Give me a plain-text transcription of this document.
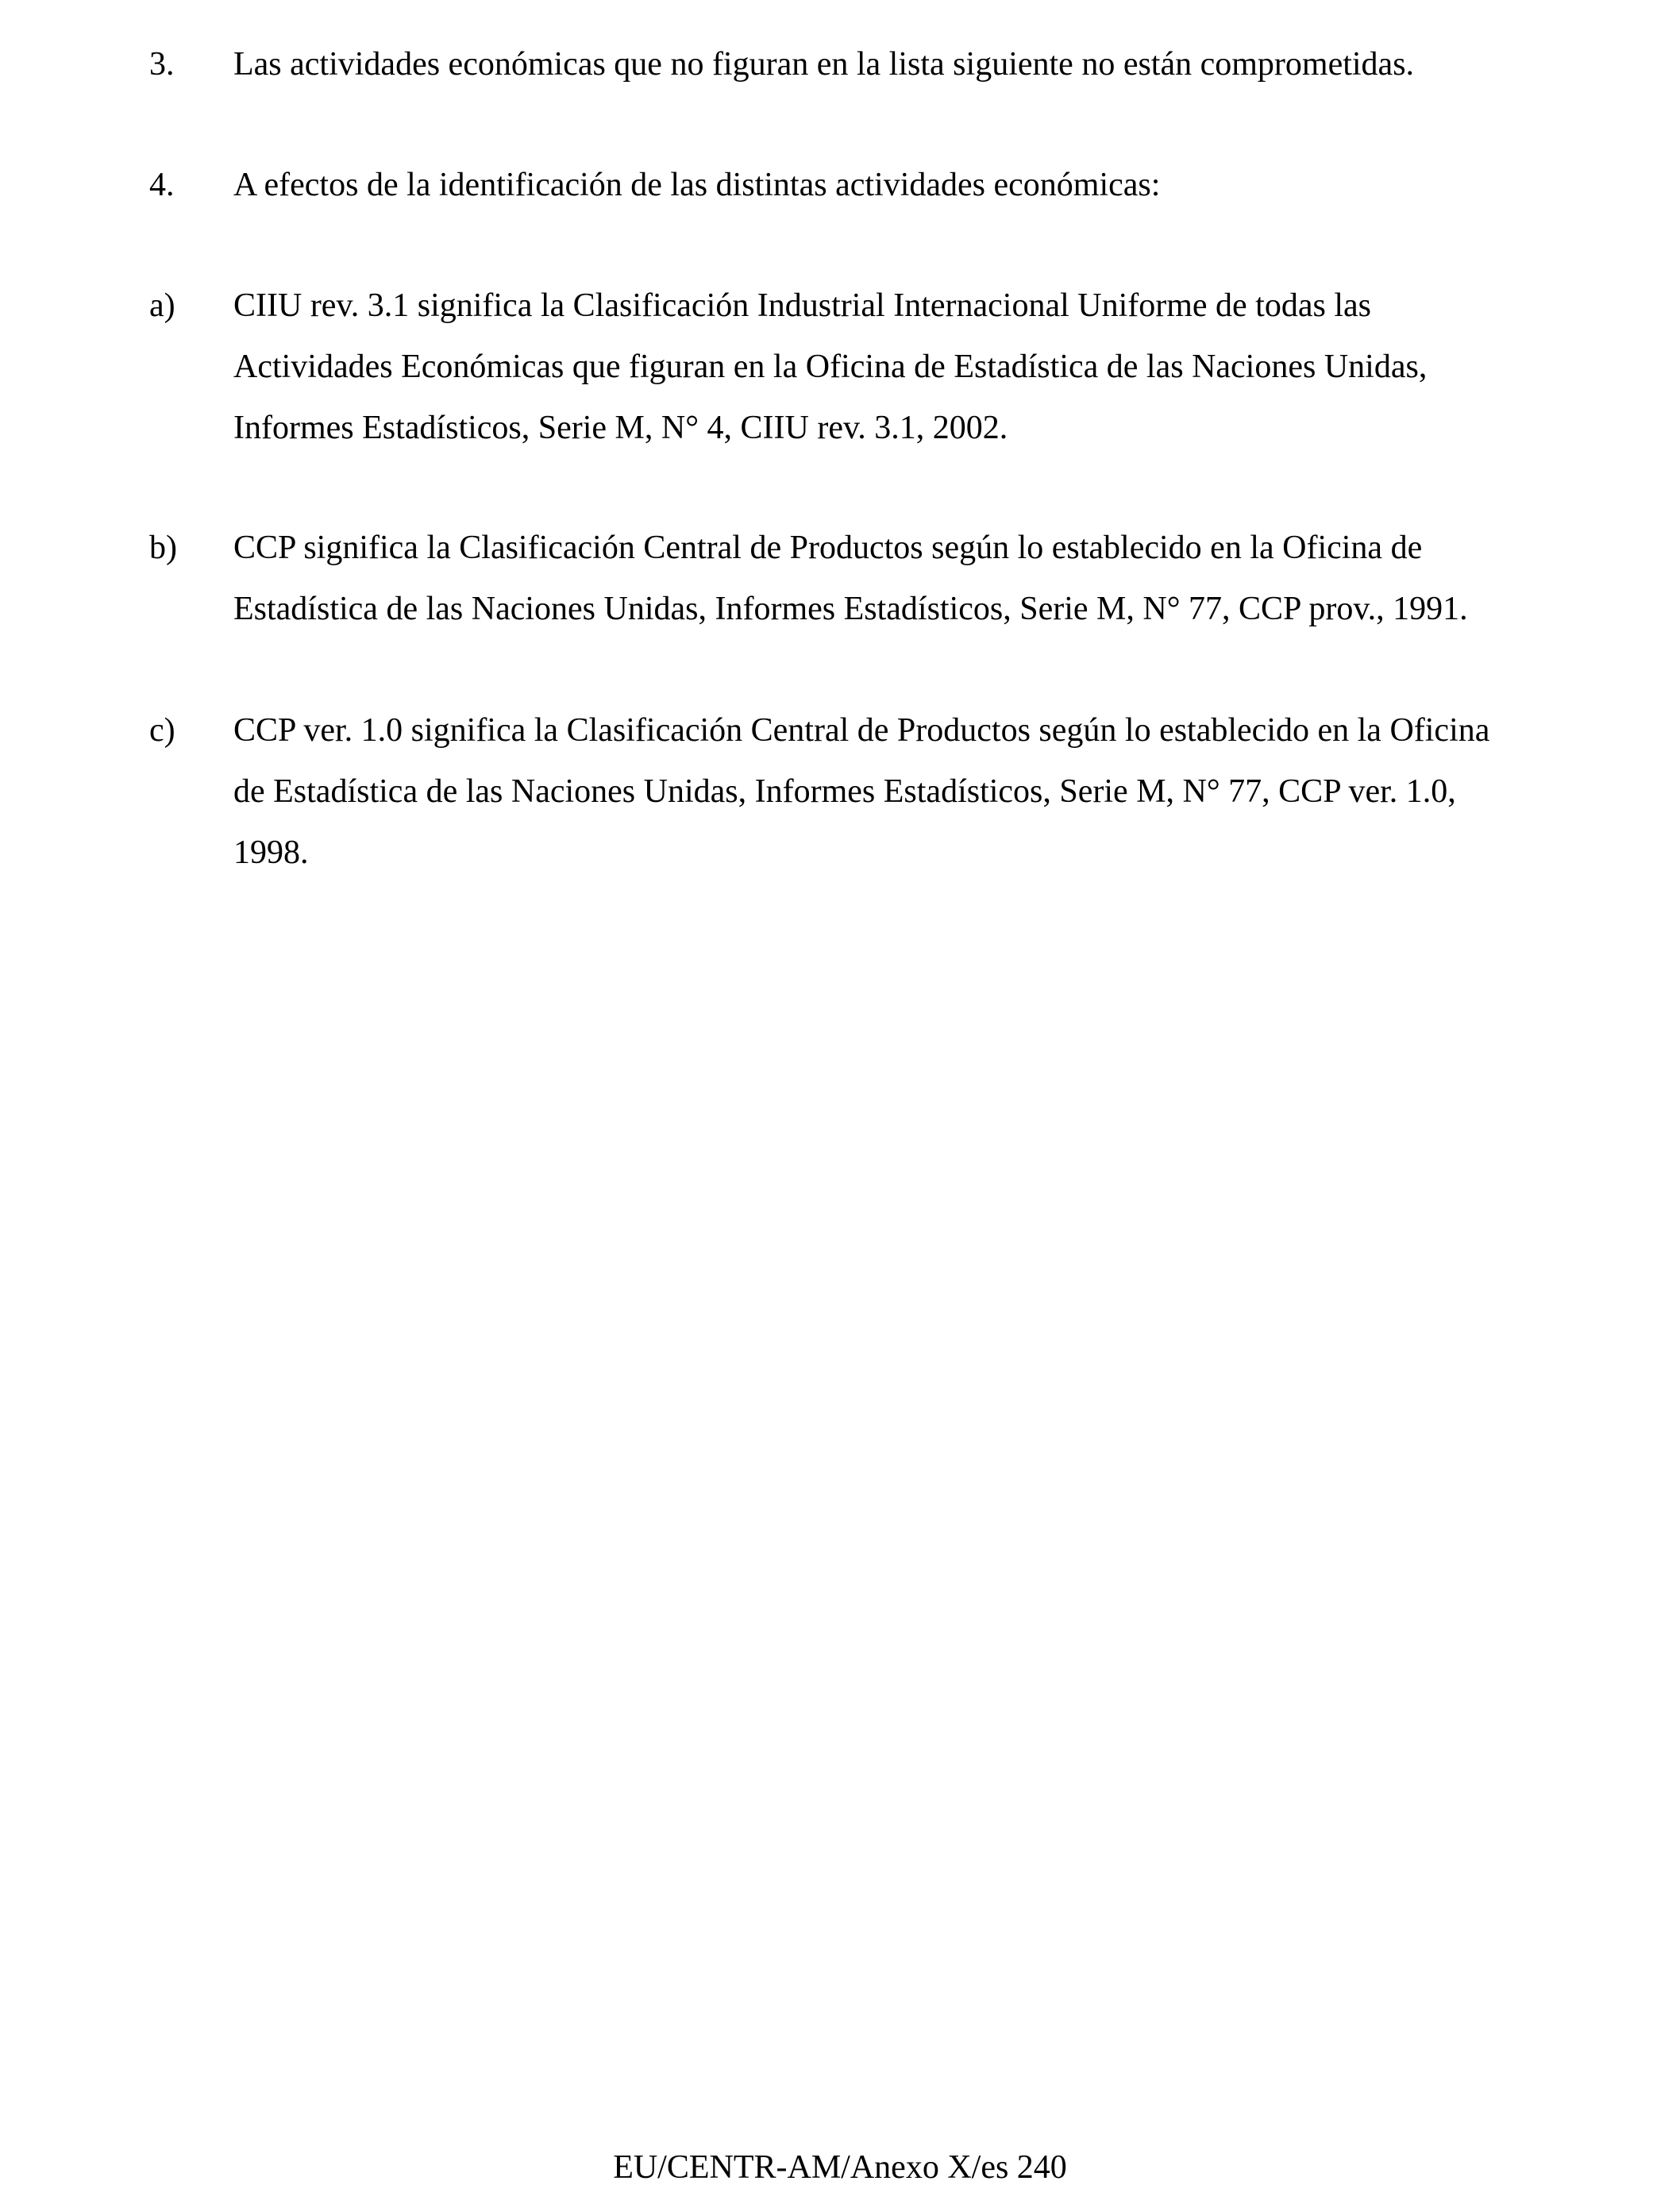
3.	Las actividades económicas que no figuran en la lista siguiente no están comprometidas.
4.	A efectos de la identificación de las distintas actividades económicas:
a)	CIIU rev. 3.1 significa la Clasificación Industrial Internacional Uniforme de todas las
Actividades Económicas que figuran en la Oficina de Estadística de las Naciones Unidas,
Informes Estadísticos, Serie M, N° 4, CIIU rev. 3.1, 2002.
b)	CCP significa la Clasificación Central de Productos según lo establecido en la Oficina de
Estadística de las Naciones Unidas, Informes Estadísticos, Serie M, N° 77, CCP prov., 1991.
c)	CCP ver. 1.0 significa la Clasificación Central de Productos según lo establecido en la Oficina
de Estadística de las Naciones Unidas, Informes Estadísticos, Serie M, N° 77, CCP ver. 1.0,
1998.
EU/CENTR-AM/Anexo X/es 240
